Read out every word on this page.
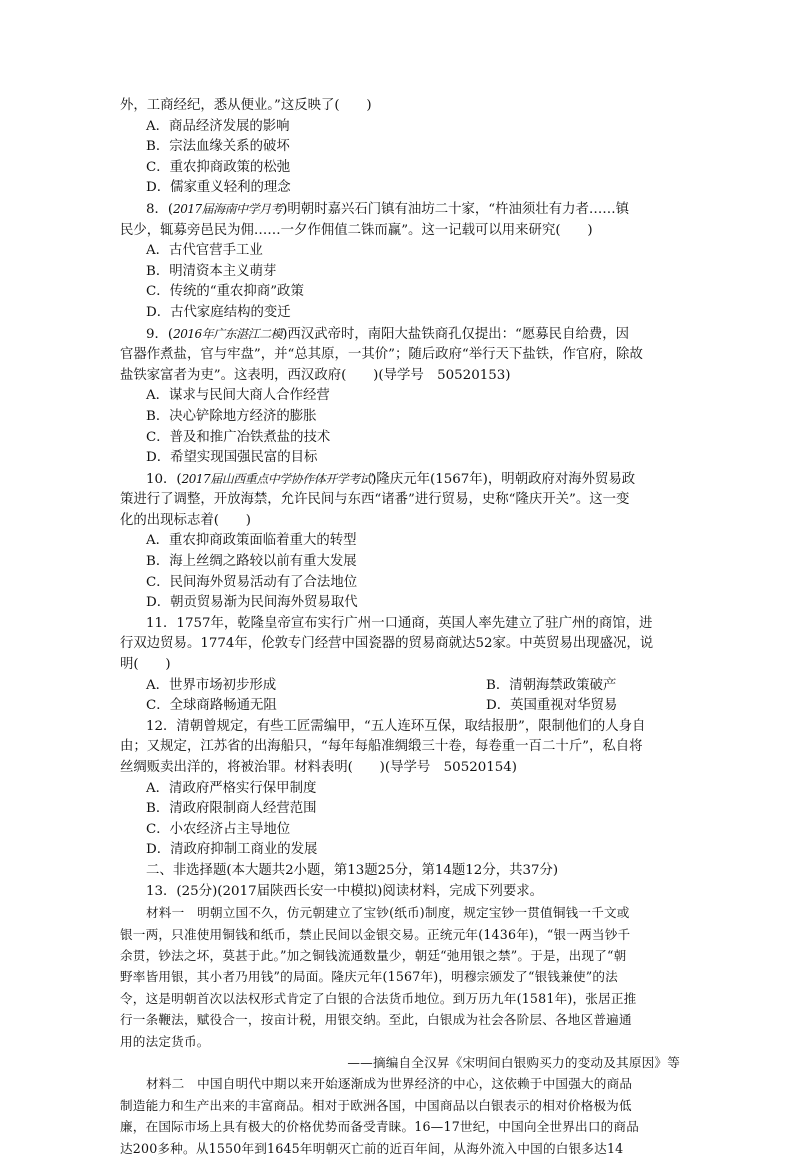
外，工商经纪，悉从便业。”这反映了(　　)

A．商品经济发展的影响

B．宗法血缘关系的破坏

C．重农抑商政策的松弛

D．儒家重义轻利的理念

8．(2017届海南中学月考)明朝时嘉兴石门镇有油坊二十家，“杵油须壮有力者……镇

民少，辄募旁邑民为佣……一夕作佣值二铢而赢”。这一记载可以用来研究(　　)

A．古代官营手工业

B．明清资本主义萌芽

C．传统的“重农抑商”政策

D．古代家庭结构的变迁

9．(2016年广东湛江二模)西汉武帝时，南阳大盐铁商孔仅提出：“愿募民自给费，因

官器作煮盐，官与牢盘”，并“总其原，一其价”；随后政府“举行天下盐铁，作官府，除故

盐铁家富者为吏”。这表明，西汉政府(　　)(导学号　50520153)

A．谋求与民间大商人合作经营

B．决心铲除地方经济的膨胀

C．普及和推广冶铁煮盐的技术

D．希望实现国强民富的目标

10．(2017届山西重点中学协作体开学考试)隆庆元年(1567年)，明朝政府对海外贸易政

策进行了调整，开放海禁，允许民间与东西“诸番”进行贸易，史称“隆庆开关”。这一变

化的出现标志着(　　)

A．重农抑商政策面临着重大的转型

B．海上丝绸之路较以前有重大发展

C．民间海外贸易活动有了合法地位

D．朝贡贸易渐为民间海外贸易取代

11．1757年，乾隆皇帝宣布实行广州一口通商，英国人率先建立了驻广州的商馆，进

行双边贸易。1774年，伦敦专门经营中国瓷器的贸易商就达52家。中英贸易出现盛况，说

明(　　)

A．世界市场初步形成	B．清朝海禁政策破产
C．全球商路畅通无阻	D．英国重视对华贸易

12．清朝曾规定，有些工匠需编甲，“五人连环互保，取结报册”，限制他们的人身自

由；又规定，江苏省的出海船只，“每年每船准绸缎三十卷，每卷重一百二十斤”，私自将

丝绸贩卖出洋的，将被治罪。材料表明(　　)(导学号　50520154)

A．清政府严格实行保甲制度

B．清政府限制商人经营范围

C．小农经济占主导地位

D．清政府抑制工商业的发展

二、非选择题(本大题共2小题，第13题25分，第14题12分，共37分)

13．(25分)(2017届陕西长安一中模拟)阅读材料，完成下列要求。

材料一　明朝立国不久，仿元朝建立了宝钞(纸币)制度，规定宝钞一贯值铜钱一千文或

银一两，只准使用铜钱和纸币，禁止民间以金银交易。正统元年(1436年)，“银一两当钞千

余贯，钞法之坏，莫甚于此。”加之铜钱流通数量少，朝廷“弛用银之禁”。于是，出现了“朝

野率皆用银，其小者乃用钱”的局面。隆庆元年(1567年)，明穆宗颁发了“银钱兼使”的法

令，这是明朝首次以法权形式肯定了白银的合法货币地位。到万历九年(1581年)，张居正推

行一条鞭法，赋役合一，按亩计税，用银交纳。至此，白银成为社会各阶层、各地区普遍通

用的法定货币。

——摘编自全汉昇《宋明间白银购买力的变动及其原因》等

材料二　中国自明代中期以来开始逐渐成为世界经济的中心，这依赖于中国强大的商品

制造能力和生产出来的丰富商品。相对于欧洲各国，中国商品以白银表示的相对价格极为低

廉，在国际市场上具有极大的价格优势而备受青睐。16—17世纪，中国向全世界出口的商品

达200多种。从1550年到1645年明朝灭亡前的近百年间，从海外流入中国的白银多达14
